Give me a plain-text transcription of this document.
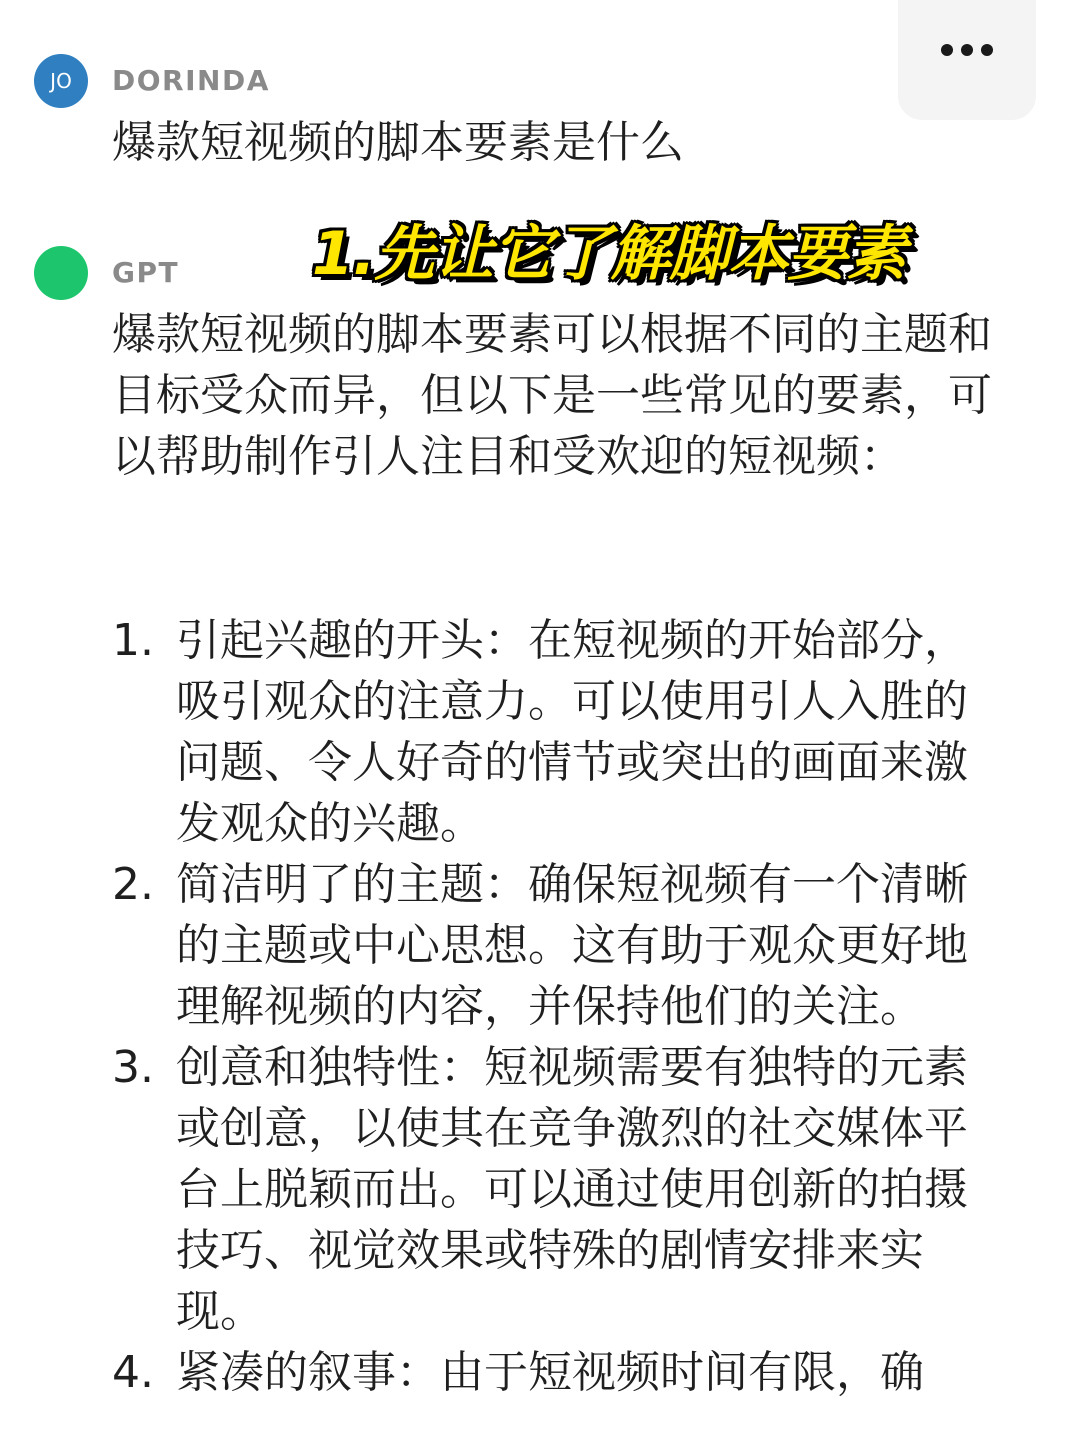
JO DORINDA
爆款短视频的脚本要素是什么
GPT

爆款短视频的脚本要素可以根据不同的主题和目标受众而异，但以下是一些常见的要素，可以帮助制作引人注目和受欢迎的短视频：

1. 引起兴趣的开头：在短视频的开始部分，吸引观众的注意力。可以使用引人入胜的问题、令人好奇的情节或突出的画面来激发观众的兴趣。
2. 简洁明了的主题：确保短视频有一个清晰的主题或中心思想。这有助于观众更好地理解视频的内容，并保持他们的关注。
3. 创意和独特性：短视频需要有独特的元素或创意，以使其在竞争激烈的社交媒体平台上脱颖而出。可以通过使用创新的拍摄技巧、视觉效果或特殊的剧情安排来实现。
4. 紧凑的叙事：由于短视频时间有限，确
1.先让它了解脚本要素
